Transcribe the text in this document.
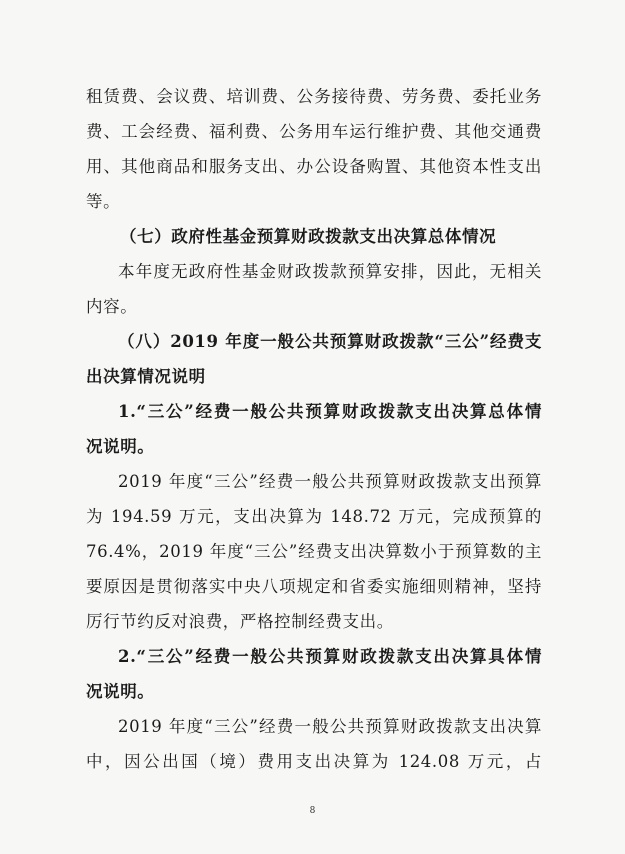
租赁费、会议费、培训费、公务接待费、劳务费、委托业务
费、工会经费、福利费、公务用车运行维护费、其他交通费
用、其他商品和服务支出、办公设备购置、其他资本性支出
等。
（七）政府性基金预算财政拨款支出决算总体情况
本年度无政府性基金财政拨款预算安排，因此，无相关
内容。
（八）2019 年度一般公共预算财政拨款“三公”经费支
出决算情况说明
1.“三公”经费一般公共预算财政拨款支出决算总体情
况说明。
2019 年度“三公”经费一般公共预算财政拨款支出预算
为 194.59 万元，支出决算为 148.72 万元，完成预算的
76.4%，2019 年度“三公”经费支出决算数小于预算数的主
要原因是贯彻落实中央八项规定和省委实施细则精神，坚持
厉行节约反对浪费，严格控制经费支出。
2.“三公”经费一般公共预算财政拨款支出决算具体情
况说明。
2019 年度“三公”经费一般公共预算财政拨款支出决算
中，因公出国（境）费用支出决算为 124.08 万元，占
8
